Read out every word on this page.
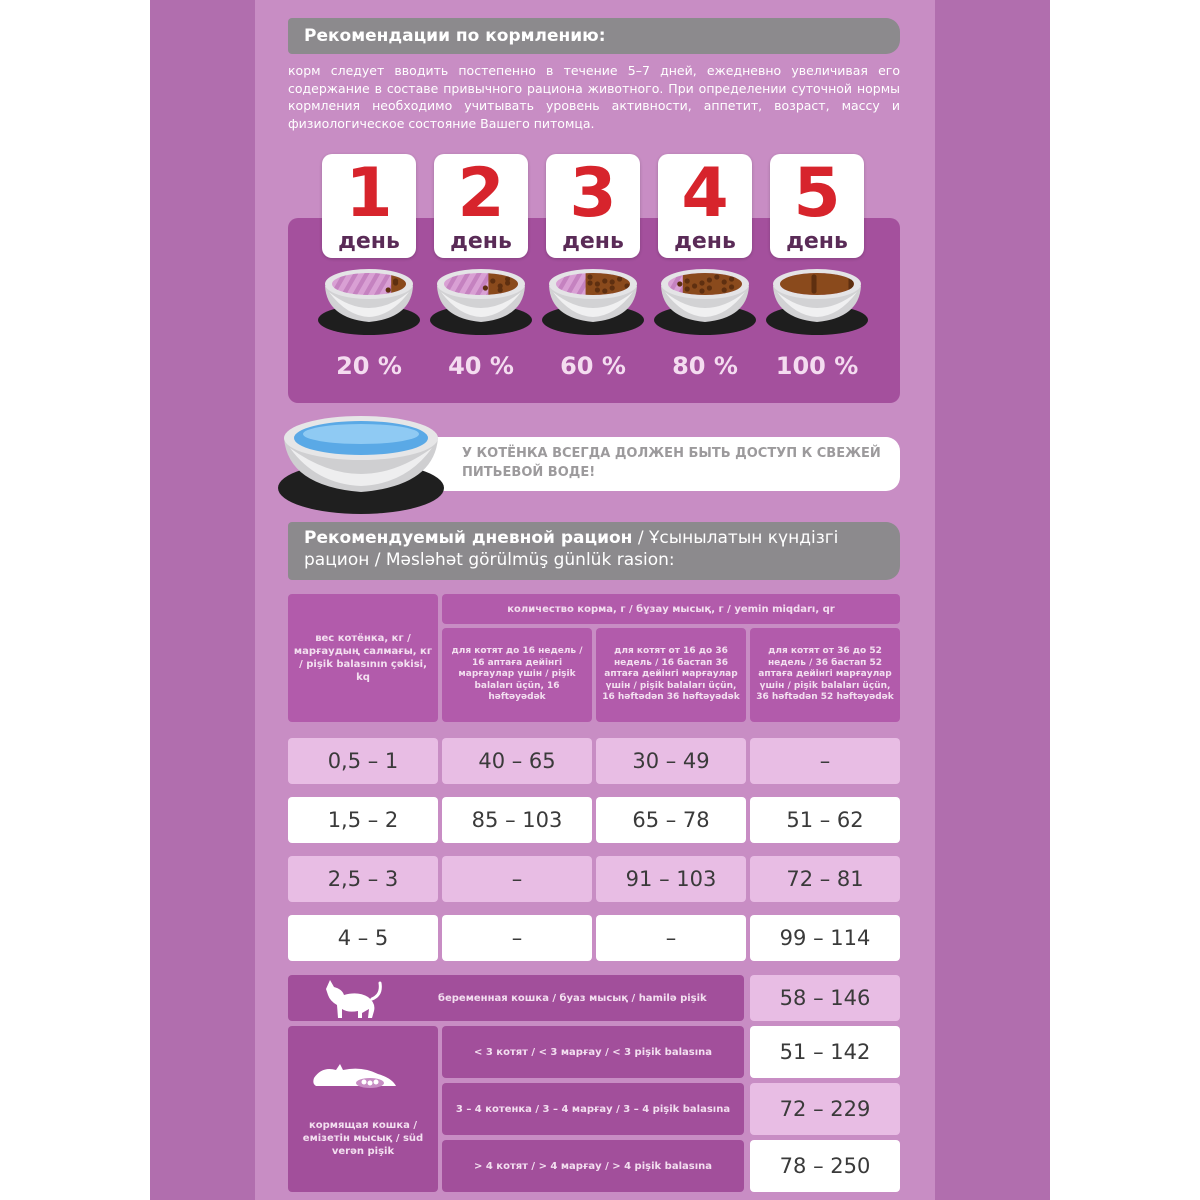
Рекомендации по кормлению:

корм следует вводить постепенно в течение 5–7 дней, ежедневно увеличивая его содержание в составе привычного рациона животного. При определении суточной нормы кормления необходимо учитывать уровень активности, аппетит, возраст, массу и физиологическое состояние Вашего питомца.

1
день
2
день
3
день
4
день
5
день
20 %	40 %	60 %	80 %	100 %
У КОТЁНКА ВСЕГДА ДОЛЖЕН БЫТЬ ДОСТУП К СВЕЖЕЙ ПИТЬЕВОЙ ВОДЕ!
Рекомендуемый дневной рацион / Ұсынылатын күндізгі рацион / Məsləhət görülmüş günlük rasion:
вес котёнка, кг / марғаудың салмағы, кг / pişik balasının çəkisi, kq
количество корма, г / бұзау мысық, г / yemin miqdarı, qr
для котят до 16 недель / 16 аптаға дейінгі марғаулар үшін / pişik balaları üçün, 16 həftəyədək
для котят от 16 до 36 недель / 16 бастап 36 аптаға дейінгі марғаулар үшін / pişik balaları üçün, 16 həftədən 36 həftəyədək
для котят от 36 до 52 недель / 36 бастап 52 аптаға дейінгі марғаулар үшін / pişik balaları üçün, 36 həftədən 52 həftəyədək
0,5 – 1	40 – 65	30 – 49	–
1,5 – 2	85 – 103	65 – 78	51 – 62
2,5 – 3	–	91 – 103	72 – 81
4 – 5	–	–	99 – 114
беременная кошка / буаз мысық / hamilə pişik	58 – 146
кормящая кошка / емізетін мысық / süd verən pişik
< 3 котят / < 3 марғау / < 3 pişik balasına	51 – 142
3 – 4 котенка / 3 – 4 марғау / 3 – 4 pişik balasına	72 – 229
> 4 котят / > 4 марғау / > 4 pişik balasına	78 – 250
